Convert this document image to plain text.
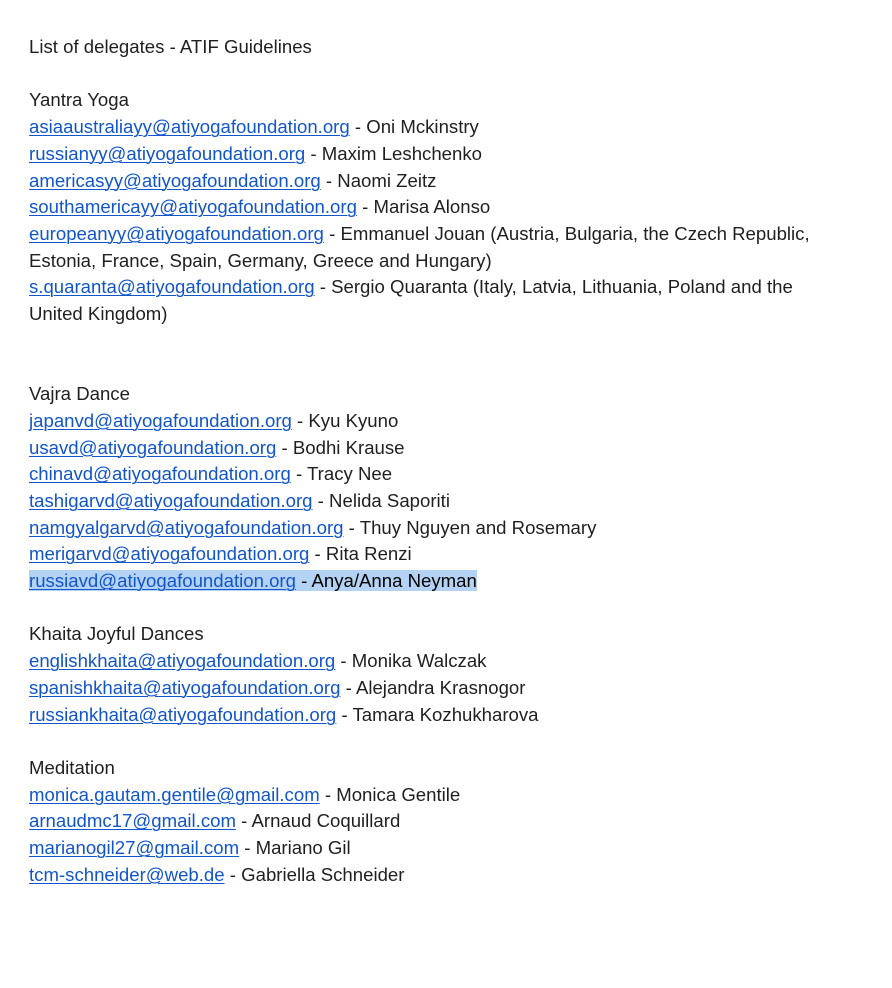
List of delegates - ATIF Guidelines

Yantra Yoga

asiaaustraliayy@atiyogafoundation.org - Oni Mckinstry

russianyy@atiyogafoundation.org - Maxim Leshchenko

americasyy@atiyogafoundation.org - Naomi Zeitz

southamericayy@atiyogafoundation.org - Marisa Alonso

europeanyy@atiyogafoundation.org - Emmanuel Jouan (Austria, Bulgaria, the Czech Republic, Estonia, France, Spain, Germany, Greece and Hungary)

s.quaranta@atiyogafoundation.org - Sergio Quaranta (Italy, Latvia, Lithuania, Poland and the United Kingdom)

Vajra Dance

japanvd@atiyogafoundation.org - Kyu Kyuno

usavd@atiyogafoundation.org - Bodhi Krause

chinavd@atiyogafoundation.org - Tracy Nee

tashigarvd@atiyogafoundation.org - Nelida Saporiti

namgyalgarvd@atiyogafoundation.org - Thuy Nguyen and Rosemary

merigarvd@atiyogafoundation.org - Rita Renzi

russiavd@atiyogafoundation.org - Anya/Anna Neyman

Khaita Joyful Dances

englishkhaita@atiyogafoundation.org - Monika Walczak

spanishkhaita@atiyogafoundation.org - Alejandra Krasnogor

russiankhaita@atiyogafoundation.org - Tamara Kozhukharova

Meditation

monica.gautam.gentile@gmail.com - Monica Gentile

arnaudmc17@gmail.com - Arnaud Coquillard

marianogil27@gmail.com - Mariano Gil

tcm-schneider@web.de - Gabriella Schneider
